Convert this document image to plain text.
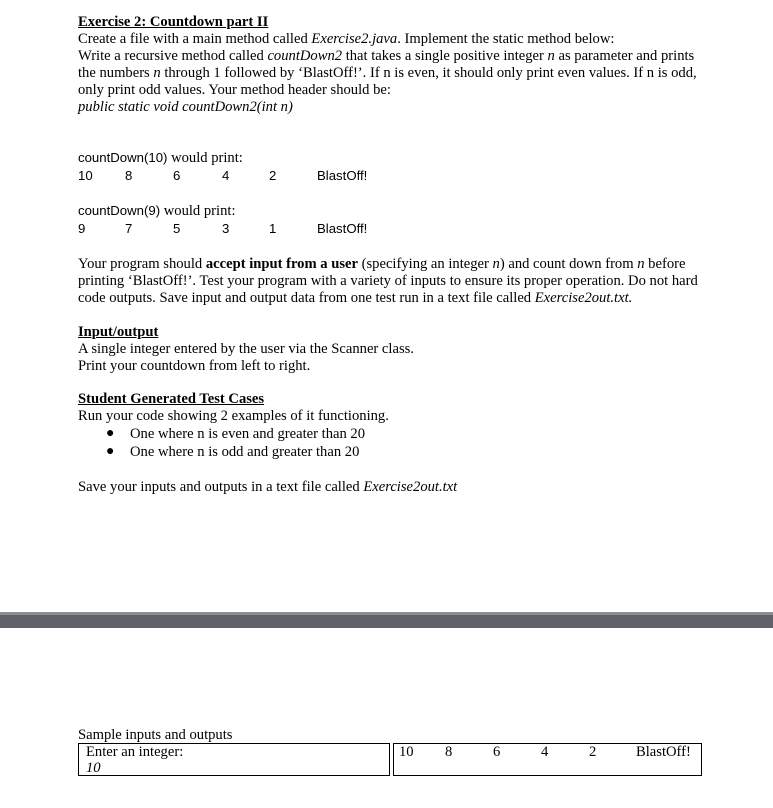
Exercise 2: Countdown part II
Create a file with a main method called Exercise2.java. Implement the static method below:
Write a recursive method called countDown2 that takes a single positive integer n as parameter and prints
the numbers n through 1 followed by ‘BlastOff!’. If n is even, it should only print even values. If n is odd,
only print odd values. Your method header should be:
public static void countDown2(int n)
countDown(10) would print:
10 8	6	4	2	BlastOff!
countDown(9) would print:
9	7	5	3	1	BlastOff!
Your program should accept input from a user (specifying an integer n) and count down from n before
printing ‘BlastOff!’. Test your program with a variety of inputs to ensure its proper operation. Do not hard
code outputs. Save input and output data from one test run in a text file called Exercise2out.txt.
Input/output
A single integer entered by the user via the Scanner class.
Print your countdown from left to right.
Student Generated Test Cases
Run your code showing 2 examples of it functioning.
● One where n is even and greater than 20
● One where n is odd and greater than 20
Save your inputs and outputs in a text file called Exercise2out.txt
Sample inputs and outputs
Enter an integer:
10
10 8	6	4	2	BlastOff!
